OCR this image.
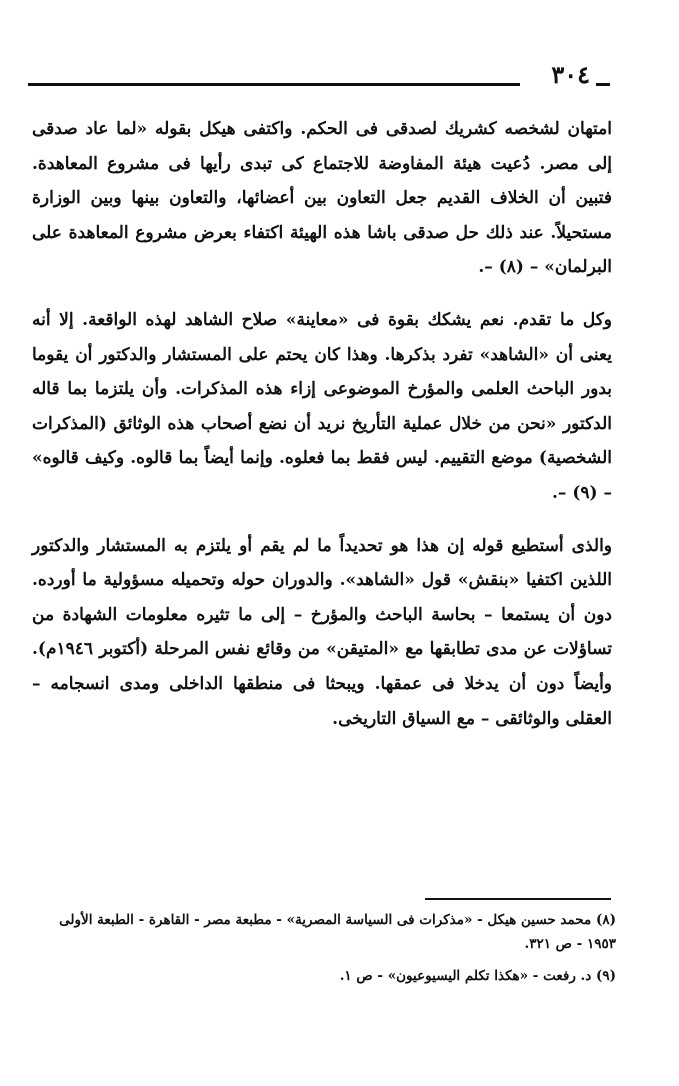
٣٠٤

امتهان لشخصه كشريك لصدقى فى الحكم. واكتفى هيكل بقوله «لما عاد صدقى إلى مصر. دُعيت هيئة المفاوضة للاجتماع كى تبدى رأيها فى مشروع المعاهدة. فتبين أن الخلاف القديم جعل التعاون بين أعضائها، والتعاون بينها وبين الوزارة مستحيلاً. عند ذلك حل صدقى باشا هذه الهيئة اكتفاء بعرض مشروع المعاهدة على البرلمان» – (٨) –.

وكل ما تقدم. نعم يشكك بقوة فى «معاينة» صلاح الشاهد لهذه الواقعة. إلا أنه يعنى أن «الشاهد» تفرد بذكرها. وهذا كان يحتم على المستشار والدكتور أن يقوما بدور الباحث العلمى والمؤرخ الموضوعى إزاء هذه المذكرات. وأن يلتزما بما قاله الدكتور «نحن من خلال عملية التأريخ نريد أن نضع أصحاب هذه الوثائق (المذكرات الشخصية) موضع التقييم. ليس فقط بما فعلوه. وإنما أيضاً بما قالوه. وكيف قالوه» – (٩) –.

والذى أستطيع قوله إن هذا هو تحديداً ما لم يقم أو يلتزم به المستشار والدكتور اللذين اكتفيا «بنقش» قول «الشاهد». والدوران حوله وتحميله مسؤولية ما أورده. دون أن يستمعا – بحاسة الباحث والمؤرخ – إلى ما تثيره معلومات الشهادة من تساؤلات عن مدى تطابقها مع «المتيقن» من وقائع نفس المرحلة (أكتوبر ١٩٤٦م). وأيضاً دون أن يدخلا فى عمقها. ويبحثا فى منطقها الداخلى ومدى انسجامه – العقلى والوثائقى – مع السياق التاريخى.

(٨) محمد حسين هيكل - «مذكرات فى السياسة المصرية» - مطبعة مصر - القاهرة - الطبعة الأولى ١٩٥٣ - ص ٣٢١.
(٩) د. رفعت - «هكذا تكلم اليسيوعيون» - ص ١.
